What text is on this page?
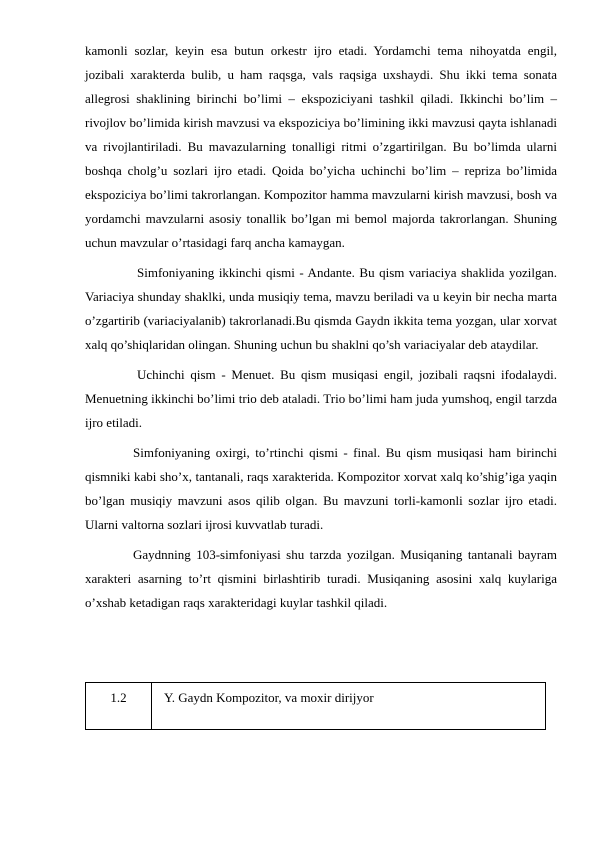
kamonli sozlar, keyin esa butun orkestr ijro etadi. Yordamchi tema nihoyatda engil, jozibali xarakterda bulib, u ham raqsga, vals raqsiga uxshaydi. Shu ikki tema sonata allegrosi shaklining birinchi bo’limi – ekspoziciyani tashkil qiladi. Ikkinchi bo’lim – rivojlov bo’limida kirish mavzusi va ekspoziciya bo’limining ikki mavzusi qayta ishlanadi va rivojlantiriladi. Bu mavazularning tonalligi ritmi o’zgartirilgan. Bu bo’limda ularni boshqa cholg’u sozlari ijro etadi. Qoida bo’yicha uchinchi bo’lim – repriza bo’limida ekspoziciya bo’limi takrorlangan. Kompozitor hamma mavzularni kirish mavzusi, bosh va yordamchi mavzularni asosiy tonallik bo’lgan mi bemol majorda takrorlangan. Shuning uchun mavzular o’rtasidagi farq ancha kamaygan.

Simfoniyaning ikkinchi qismi - Andante. Bu qism variaciya shaklida yozilgan. Variaciya shunday shaklki, unda musiqiy tema, mavzu beriladi va u keyin bir necha marta o’zgartirib (variaciyalanib) takrorlanadi.Bu qismda Gaydn ikkita tema yozgan, ular xorvat xalq qo’shiqlaridan olingan. Shuning uchun bu shaklni qo’sh variaciyalar deb ataydilar.

Uchinchi qism - Menuet. Bu qism musiqasi engil, jozibali raqsni ifodalaydi. Menuetning ikkinchi bo’limi trio deb ataladi. Trio bo’limi ham juda yumshoq, engil tarzda ijro etiladi.

Simfoniyaning oxirgi, to’rtinchi qismi - final. Bu qism musiqasi ham birinchi qismniki kabi sho’x, tantanali, raqs xarakterida. Kompozitor xorvat xalq ko’shig’iga yaqin bo’lgan musiqiy mavzuni asos qilib olgan. Bu mavzuni torli-kamonli sozlar ijro etadi. Ularni valtorna sozlari ijrosi kuvvatlab turadi.

Gaydnning 103-simfoniyasi shu tarzda yozilgan. Musiqaning tantanali bayram xarakteri asarning to’rt qismini birlashtirib turadi. Musiqaning asosini xalq kuylariga o’xshab ketadigan raqs xarakteridagi kuylar tashkil qiladi.

1.2	Y. Gaydn Kompozitor, va moxir dirijyor
